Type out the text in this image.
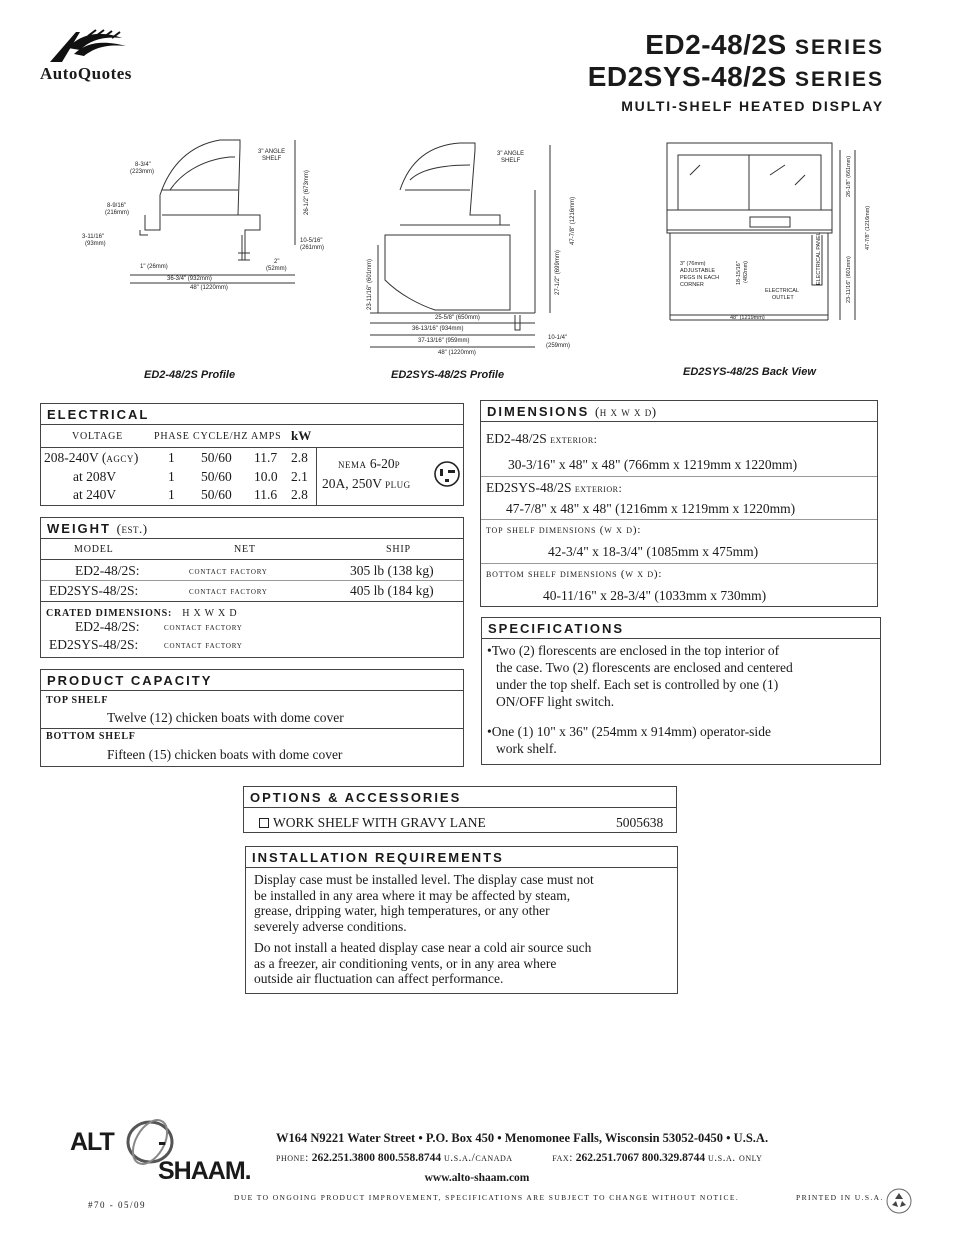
AutoQuotes
ED2-48/2S SERIES
ED2SYS-48/2S SERIES
MULTI-SHELF HEATED DISPLAY
3" ANGLE
SHELF
8-3/4"
(223mm)
8-9/16"
(216mm)
3-11/16"
(93mm)
1" (26mm)
36-3/4" (932mm)
48" (1220mm)
26-1/2" (673mm)
10-5/16"
(261mm)
2"
(52mm)
ED2-48/2S Profile
3" ANGLE
SHELF
23-11/16" (601mm)	27-1/2" (699mm)
47-7/8" (1216mm)
25-5/8" (650mm)
36-13/16" (934mm)
37-13/16" (959mm)
48" (1220mm)
10-1/4"
(259mm)
ED2SYS-48/2S Profile
3" (76mm)
ADJUSTABLE
PEGS IN EACH
CORNER	18-15/16" (482mm)
ELECTRICAL
OUTLET
ELECTRICAL PANEL
26-1/8" (661mm)
23-11/16" (601mm)
47-7/8" (1216mm)
48" (1219mm)
ED2SYS-48/2S Back View
ELECTRICAL
VOLTAGE	PHASE CYCLE/HZ AMPS kW
208-240V (agcy) 1 50/60 11.7 2.8
at 208V	1 50/60 10.0 2.1
at 240V	1 50/60 11.6 2.8
nema 6-20p
20A, 250V plug
WEIGHT (est.)
MODEL	NET	SHIP
ED2-48/2S:	contact factory	305 lb (138 kg)
ED2SYS-48/2S:	contact factory	405 lb (184 kg)
CRATED DIMENSIONS: H X W X D
ED2-48/2S: contact factory
ED2SYS-48/2S:	contact factory
PRODUCT CAPACITY
TOP SHELF
Twelve (12) chicken boats with dome cover
BOTTOM SHELF
Fifteen (15) chicken boats with dome cover
DIMENSIONS (h x w x d)
ED2-48/2S exterior:
30-3/16" x 48" x 48" (766mm x 1219mm x 1220mm)
ED2SYS-48/2S exterior:
47-7/8" x 48" x 48" (1216mm x 1219mm x 1220mm)
top shelf dimensions (w x d):
42-3/4" x 18-3/4" (1085mm x 475mm)
bottom shelf dimensions (w x d):
40-11/16" x 28-3/4" (1033mm x 730mm)
SPECIFICATIONS
•Two (2) florescents are enclosed in the top interior of
the case. Two (2) florescents are enclosed and centered
under the top shelf. Each set is controlled by one (1)
ON/OFF light switch.
•One (1) 10" x 36" (254mm x 914mm) operator-side
work shelf.
OPTIONS & ACCESSORIES
WORK SHELF WITH GRAVY LANE	5005638
INSTALLATION REQUIREMENTS
Display case must be installed level. The display case must not
be installed in any area where it may be affected by steam,
grease, dripping water, high temperatures, or any other
severely adverse conditions.
Do not install a heated display case near a cold air source such
as a freezer, air conditioning vents, or in any area where
outside air fluctuation can affect performance.
ALT -SHAAM.
W164 N9221 Water Street • P.O. Box 450 • Menomonee Falls, Wisconsin 53052-0450 • U.S.A.
phone: 262.251.3800 800.558.8744 u.s.a./canada	fax: 262.251.7067 800.329.8744 u.s.a. only
www.alto-shaam.com
DUE TO ONGOING PRODUCT IMPROVEMENT, SPECIFICATIONS ARE SUBJECT TO CHANGE WITHOUT NOTICE.	PRINTED IN U.S.A.
#70 - 05/09
